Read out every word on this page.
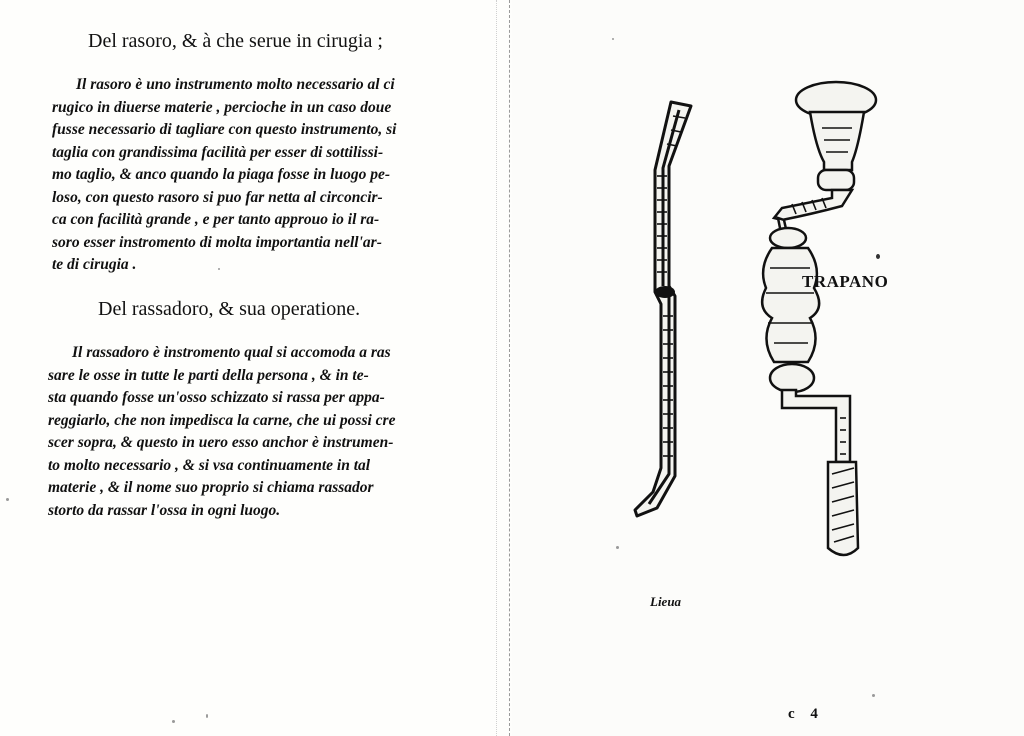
Del rasoro, & à che serue in cirugia ;
Il rasoro è uno instrumento molto necessario al ci
rugico in diuerse materie , percioche in un caso doue
fusse necessario di tagliare con questo instrumento, si
taglia con grandissima facilità per esser di sottilissi-
mo taglio, & anco quando la piaga fosse in luogo pe-
loso, con questo rasoro si puo far netta al circoncir-
ca con facilità grande , e per tanto approuo io il ra-
soro esser instromento di molta importantia nell'ar-
te di cirugia .
Del rassadoro, & sua operatione.
Il rassadoro è instromento qual si accomoda a ras
sare le osse in tutte le parti della persona , & in te-
sta quando fosse un'osso schizzato si rassa per appa-
reggiarlo, che non impedisca la carne, che ui possi cre
scer sopra, & questo in uero esso anchor è instrumen-
to molto necessario , & si vsa continuamente in tal
materie , & il nome suo proprio si chiama rassador
storto da rassar l'ossa in ogni luogo.
TRAPANO
Lieua
c 4
